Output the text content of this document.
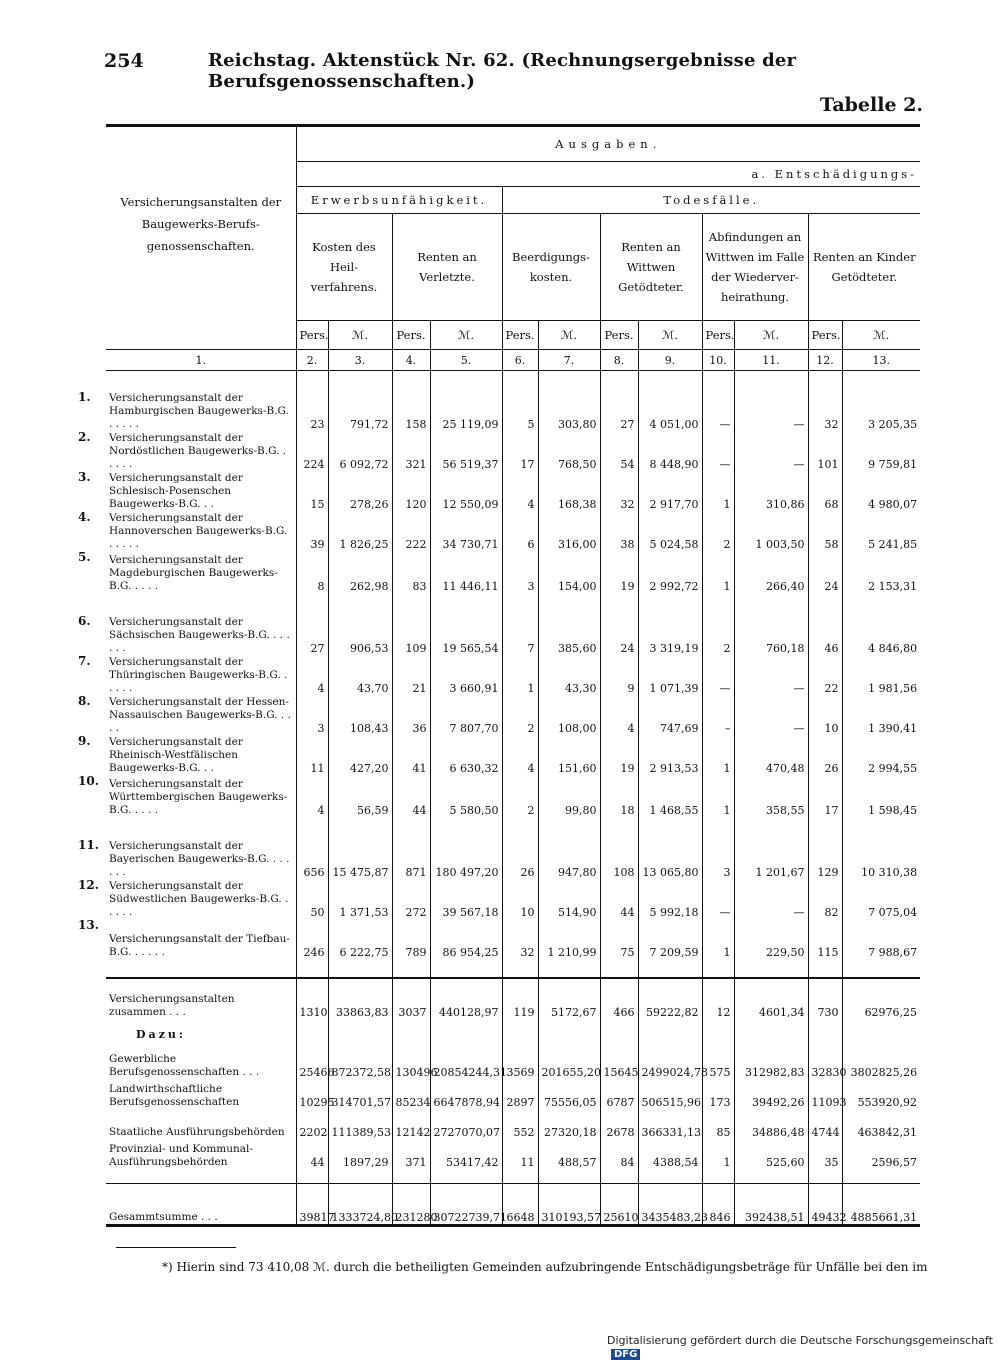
254	Reichstag. Aktenstück Nr. 62. (Rechnungsergebnisse der Berufsgenossenschaften.)
Tabelle 2.
Versicherungsanstalten der Baugewerks-Berufs-genossenschaften.	Ausgaben.											
	a. Entschädigungs-											
	Erwerbsunfähigkeit.				Todesfälle.							
	Kosten des Heil-verfahrens.		Renten an Verletzte.		Beerdigungs-kosten.		Renten an Wittwen Getödteter.		Abfindungen an Wittwen im Falle der Wiederver-heirathung.		Renten an Kinder Getödteter.	
	Pers.	ℳ.	Pers.	ℳ.	Pers.	ℳ.	Pers.	ℳ.	Pers.	ℳ.	Pers.	ℳ.
1.	2.	3.	4.	5.	6.	7.	8.	9.	10.	11.	12.	13.

1. Versicherungsanstalt der Hamburgischen Baugewerks-B.G. . . . . .	23	791,72	158	25 119,09	5	303,80	27	4 051,00	—	—	32	3 205,35

2. Versicherungsanstalt der Nordöstlichen Baugewerks-B.G. . . . . .	224	6 092,72	321	56 519,37	17	768,50	54	8 448,90	—	—	101	9 759,81

3. Versicherungsanstalt der Schlesisch-Posenschen Baugewerks-B.G. . .	15	278,26	120	12 550,09	4	168,38	32	2 917,70	1	310,86	68	4 980,07

4. Versicherungsanstalt der Hannoverschen Baugewerks-B.G. . . . . .	39	1 826,25	222	34 730,71	6	316,00	38	5 024,58	2	1 003,50	58	5 241,85

5. Versicherungsanstalt der Magdeburgischen Baugewerks-B.G. . . . .	8	262,98	83	11 446,11	3	154,00	19	2 992,72	1	266,40	24	2 153,31

6. Versicherungsanstalt der Sächsischen Baugewerks-B.G. . . . . . .	27	906,53	109	19 565,54	7	385,60	24	3 319,19	2	760,18	46	4 846,80

7. Versicherungsanstalt der Thüringischen Baugewerks-B.G. . . . . .	4	43,70	21	3 660,91	1	43,30	9	1 071,39	—	—	22	1 981,56

8. Versicherungsanstalt der Hessen-Nassauischen Baugewerks-B.G. . . . .	3	108,43	36	7 807,70	2	108,00	4	747,69	–	—	10	1 390,41

9. Versicherungsanstalt der Rheinisch-Westfälischen Baugewerks-B.G. . .	11	427,20	41	6 630,32	4	151,60	19	2 913,53	1	470,48	26	2 994,55

10. Versicherungsanstalt der Württembergischen Baugewerks-B.G. . . . .	4	56,59	44	5 580,50	2	99,80	18	1 468,55	1	358,55	17	1 598,45

11. Versicherungsanstalt der Bayerischen Baugewerks-B.G. . . . . . .	656	15 475,87	871	180 497,20	26	947,80	108	13 065,80	3	1 201,67	129	10 310,38

12. Versicherungsanstalt der Südwestlichen Baugewerks-B.G. . . . . .	50	1 371,53	272	39 567,18	10	514,90	44	5 992,18	—	—	82	7 075,04

13.
Versicherungsanstalt der Tiefbau-B.G. . . . . .	246	6 222,75	789	86 954,25	32	1 210,99	75	7 209,59	1	229,50	115	7 988,67

Versicherungsanstalten zusammen . . .	1310	33863,83	3037	440128,97	119	5172,67	466	59222,82	12	4601,34	730	62976,25
Dazu:												
Gewerbliche Berufsgenossenschaften . . .	25466	872372,58	130496	20854244,31	3569	201655,20	15645	2499024,78	575	312982,83	32830	3802825,26
Landwirthschaftliche Berufsgenossenschaften	10295	314701,57	85234	6647878,94	2897	75556,05	6787	506515,96	173	39492,26	11093	553920,92
Staatliche Ausführungsbehörden	2202	111389,53	12142	2727070,07	552	27320,18	2678	366331,13	85	34886,48	4744	463842,31
Provinzial- und Kommunal-Ausführungsbehörden	44	1897,29	371	53417,42	11	488,57	84	4388,54	1	525,60	35	2596,57

Gesammtsumme . . .	39817	1333724,80	231280	30722739,71	6648	310193,57	25610	3435483,23	846	392438,51	49432	4885661,31
*) Hierin sind 73 410,08 ℳ. durch die betheiligten Gemeinden aufzubringende Entschädigungsbeträge für Unfälle bei den im
Digitalisierung gefördert durch die Deutsche Forschungsgemeinschaft DFG
